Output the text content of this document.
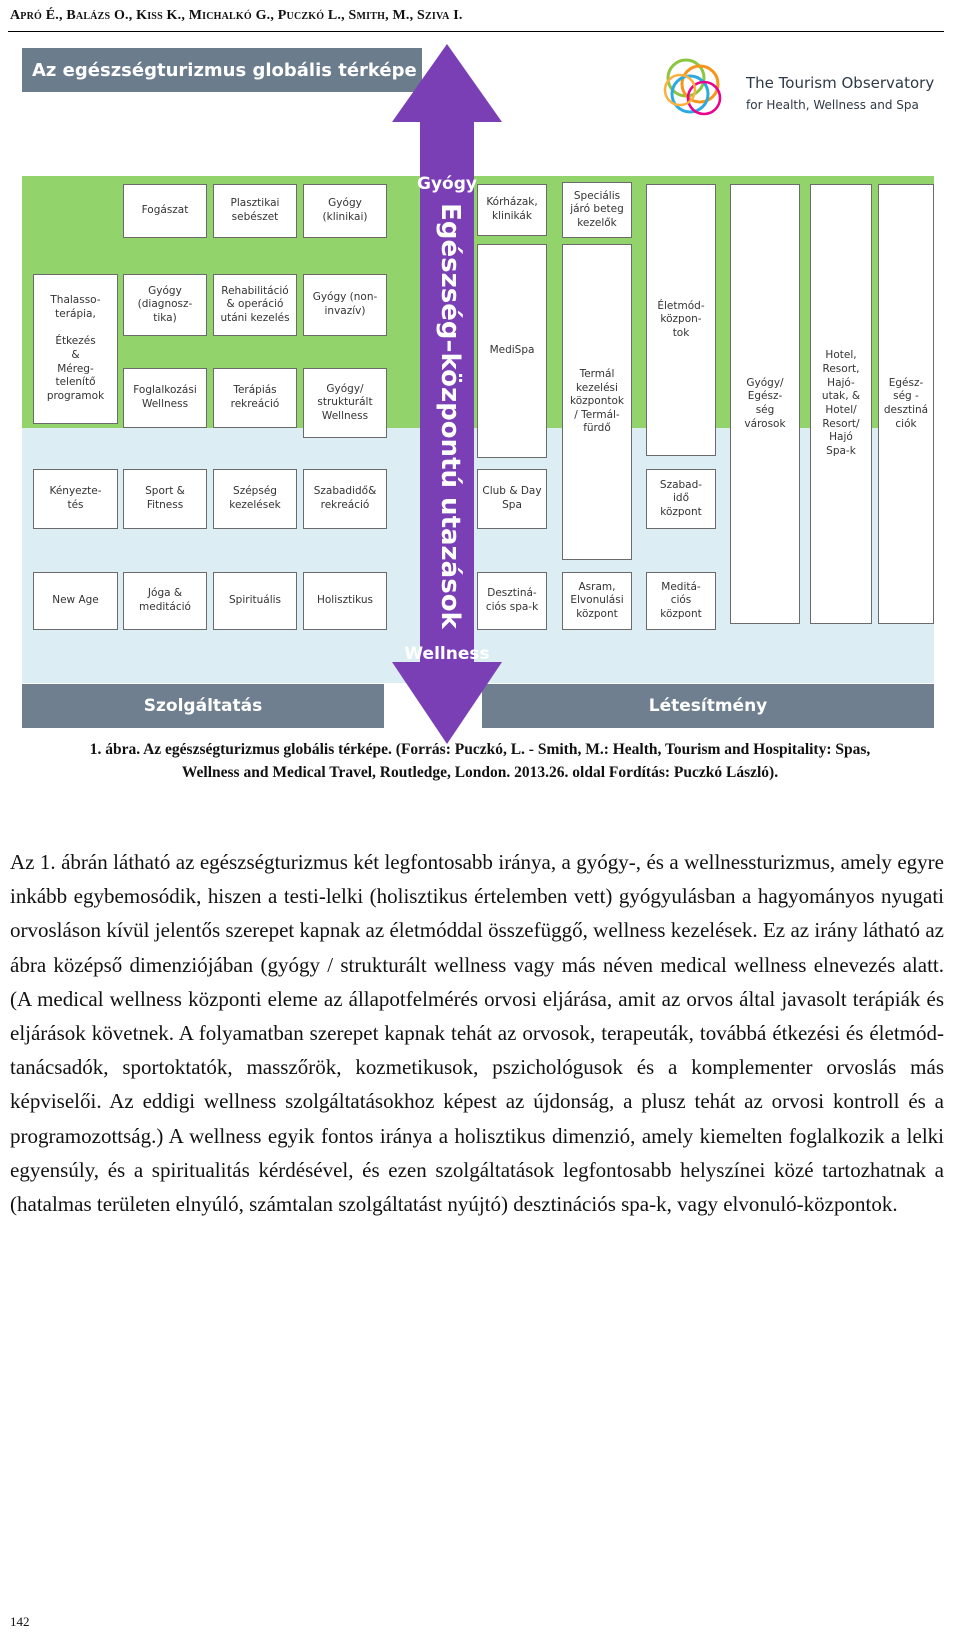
Apró É., Balázs O., Kiss K., Michalkó G., Puczkó L., Smith, M., Sziva I.
Az egészségturizmus globális térképe
The Tourism Observatory
for Health, Wellness and Spa
Fogászat
Plasztikai
sebészet
Gyógy
(klinikai)
Thalasso-
terápia,

Étkezés
&
Méreg-
telenítő
programok
Gyógy
(diagnosz-
tika)
Rehabilitáció
& operáció
utáni kezelés
Gyógy (non-
invazív)
Foglalkozási
Wellness
Terápiás
rekreáció
Gyógy/
strukturált
Wellness
Kényezte-
tés
Sport &
Fitness
Szépség
kezelések
Szabadidő&
rekreáció
New Age
Jóga &
meditáció
Spirituális	Holisztikus
Kórházak,
klinikák
Speciális
járó beteg
kezelők
MediSpa
Termál
kezelési
központok
/ Termál-
fürdő
Életmód-
közpon-
tok
Gyógy/
Egész-
ség
városok
Hotel,
Resort,
Hajó-
utak, &
Hotel/
Resort/
Hajó
Spa-k
Egész-
ség -
desztiná
ciók
Club & Day
Spa
Szabad-
idő
központ
Desztiná-
ciós spa-k
Asram,
Elvonulási
központ
Meditá-
ciós
központ
Szolgáltatás	Létesítmény
Gyógy
Egészség–központú utazások
Wellness
1. ábra. Az egészségturizmus globális térképe. (Forrás: Puczkó, L. - Smith, M.: Health, Tourism and Hospitality: Spas, Wellness and Medical Travel, Routledge, London. 2013.26. oldal Fordítás: Puczkó László).
Az 1. ábrán látható az egészségturizmus két legfontosabb iránya, a gyógy-, és a wellnessturizmus, amely egyre inkább egybemosódik, hiszen a testi-lelki (holisztikus értelemben vett) gyógyulásban a hagyományos nyugati orvosláson kívül jelentős szerepet kapnak az életmóddal összefüggő, wellness kezelések. Ez az irány látható az ábra középső dimenziójában (gyógy / strukturált wellness vagy más néven medical wellness elnevezés alatt. (A medical wellness központi eleme az állapotfelmérés orvosi eljárása, amit az orvos által javasolt terápiák és eljárások követnek. A folyamatban szerepet kapnak tehát az orvosok, terapeuták, továbbá étkezési és életmód-tanácsadók, sportoktatók, masszőrök, kozmetikusok, pszichológusok és a komplementer orvoslás más képviselői. Az eddigi wellness szolgáltatásokhoz képest az újdonság, a plusz tehát az orvosi kontroll és a programozottság.) A wellness egyik fontos iránya a holisztikus dimenzió, amely kiemelten foglalkozik a lelki egyensúly, és a spiritualitás kérdésével, és ezen szolgáltatások legfontosabb helyszínei közé tartozhatnak a (hatalmas területen elnyúló, számtalan szolgáltatást nyújtó) desztinációs spa-k, vagy elvonuló-központok.
142
